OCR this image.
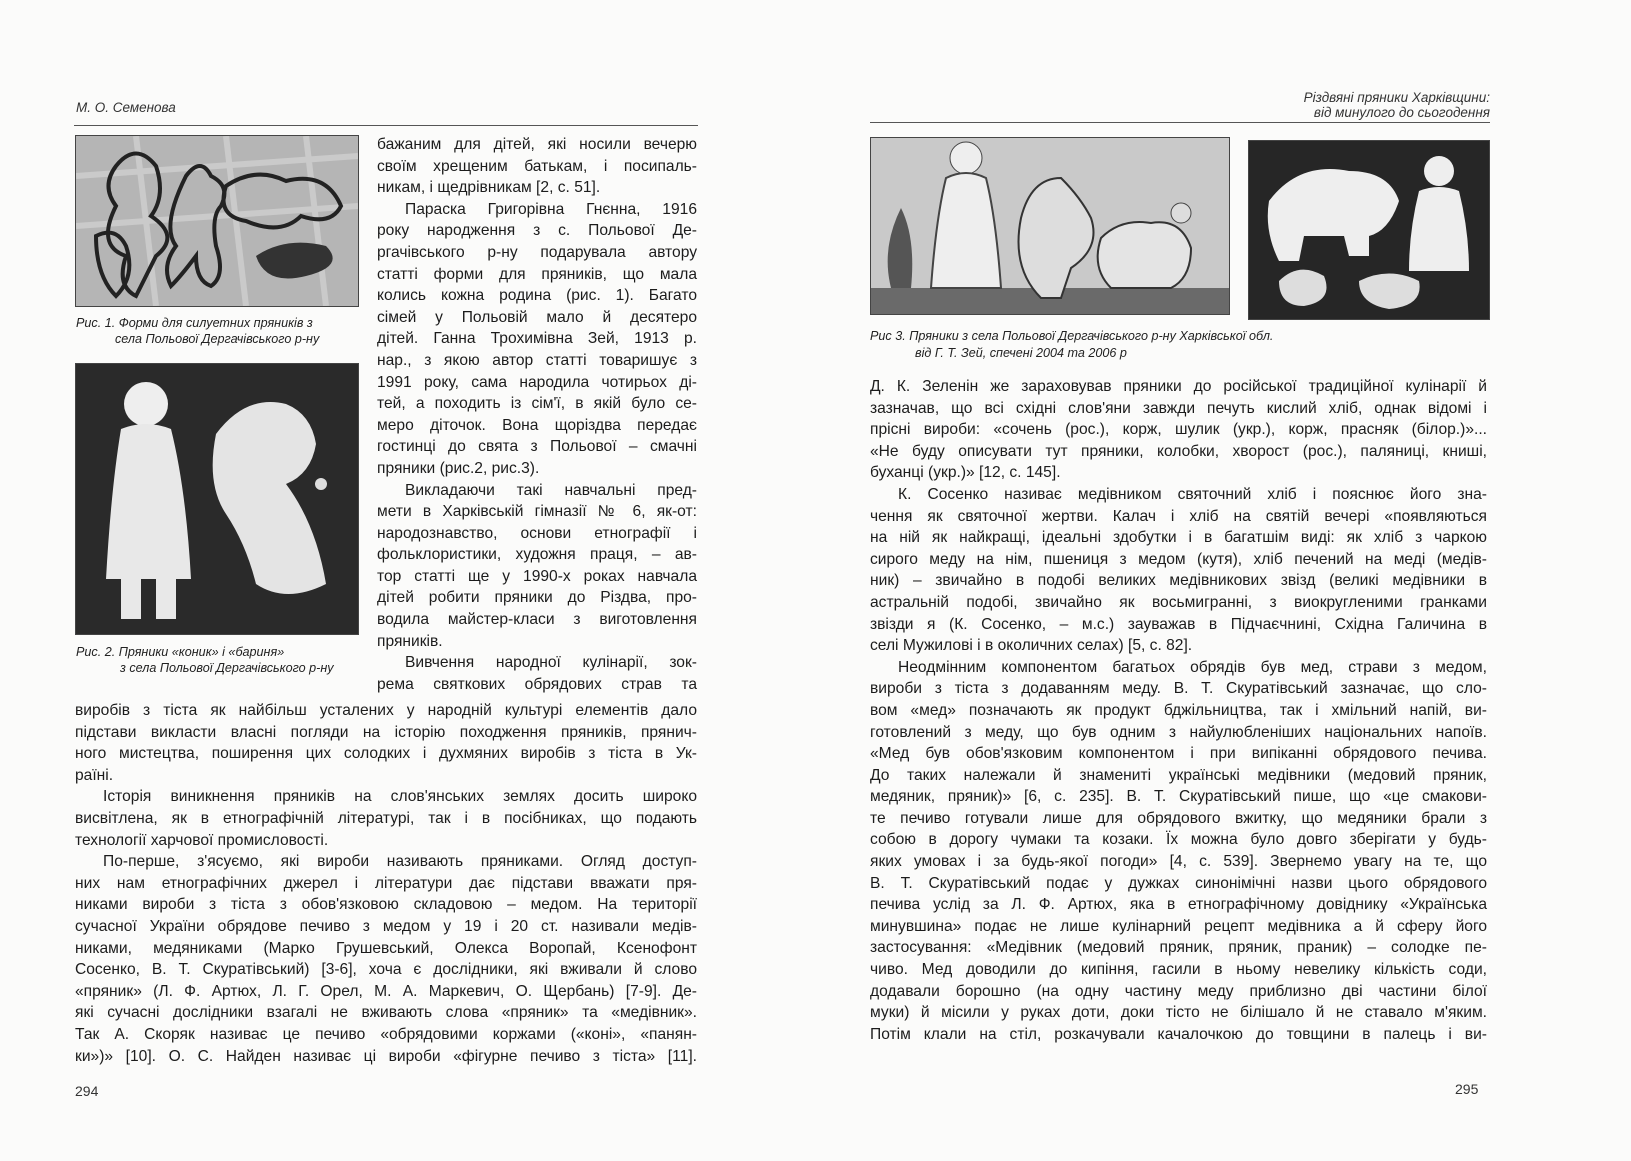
М. О. Семенова
Рис. 1. Форми для силуетних пряників з
села Польової Дергачівського р-ну
Рис. 2. Пряники «коник» і «бариня»
з села Польової Дергачівського р-ну
бажаним для дітей, які носили вечерю
своїм хрещеним батькам, і посипаль-
никам, і щедрівникам [2, с. 51].
Параска Григорівна Гнєнна, 1916
року народження з с. Польової Де-
ргачівського р-ну подарувала автору
статті форми для пряників, що мала
колись кожна родина (рис. 1). Багато
сімей у Польовій мало й десятеро
дітей. Ганна Трохимівна Зей, 1913 р.
нар., з якою автор статті товаришує з
1991 року, сама народила чотирьох ді-
тей, а походить із сім'ї, в якій було се-
меро діточок. Вона щоріздва передає
гостинці до свята з Польової – смачні
пряники (рис.2, рис.3).
Викладаючи такі навчальні пред-
мети в Харківській гімназії № 6, як-от:
народознавство, основи етнографії і
фольклористики, художня праця, – ав-
тор статті ще у 1990-х роках навчала
дітей робити пряники до Різдва, про-
водила майстер-класи з виготовлення
пряників.
Вивчення народної кулінарії, зок-
рема святкових обрядових страв та
виробів з тіста як найбільш усталених у народній культурі елементів дало
підстави викласти власні погляди на історію походження пряників, прянич-
ного мистецтва, поширення цих солодких і духмяних виробів з тіста в Ук-
раїні.
Історія виникнення пряників на слов'янських землях досить широко
висвітлена, як в етнографічній літературі, так і в посібниках, що подають
технології харчової промисловості.
По-перше, з'ясуємо, які вироби називають пряниками. Огляд доступ-
них нам етнографічних джерел і літератури дає підстави вважати пря-
никами вироби з тіста з обов'язковою складовою – медом. На території
сучасної України обрядове печиво з медом у 19 і 20 ст. називали медів-
никами, медяниками (Марко Грушевський, Олекса Воропай, Ксенофонт
Сосенко, В. Т. Скуратівський) [3-6], хоча є дослідники, які вживали й слово
«пряник» (Л. Ф. Артюх, Л. Г. Орел, М. А. Маркевич, О. Щербань) [7-9]. Де-
які сучасні дослідники взагалі не вживають слова «пряник» та «медівник».
Так А. Скоряк називає це печиво «обрядовими коржами («коні», «панян-
ки»)» [10]. О. С. Найден називає ці вироби «фігурне печиво з тіста» [11].
294
Різдвяні пряники Харківщини:
від минулого до сьогодення
Рис 3. Пряники з села Польової Дергачівського р-ну Харківської обл.
від Г. Т. Зей, спечені 2004 та 2006 р
Д. К. Зеленін же зараховував пряники до російської традиційної кулінарії й
зазначав, що всі східні слов'яни завжди печуть кислий хліб, однак відомі і
прісні вироби: «сочень (рос.), корж, шулик (укр.), корж, прасняк (білор.)»...
«Не буду описувати тут пряники, колобки, хворост (рос.), паляниці, книші,
буханці (укр.)» [12, с. 145].
К. Сосенко називає медівником святочний хліб і пояснює його зна-
чення як святочної жертви. Калач і хліб на святій вечері «появляються
на ній як найкращі, ідеальні здобутки і в багатшім виді: як хліб з чаркою
сирого меду на нім, пшениця з медом (кутя), хліб печений на меді (медів-
ник) – звичайно в подобі великих медівникових звізд (великі медівники в
астральній подобі, звичайно як восьмигранні, з виокругленими гранками
звізди я (К. Сосенко, – м.с.) зауважав в Підчаєчнині, Східна Галичина в
селі Мужилові і в околичних селах) [5, с. 82].
Неодмінним компонентом багатьох обрядів був мед, страви з медом,
вироби з тіста з додаванням меду. В. Т. Скуратівський зазначає, що сло-
вом «мед» позначають як продукт бджільництва, так і хмільний напій, ви-
готовлений з меду, що був одним з найулюбленіших національних напоїв.
«Мед був обов'язковим компонентом і при випіканні обрядового печива.
До таких належали й знамениті українські медівники (медовий пряник,
медяник, пряник)» [6, с. 235]. В. Т. Скуратівський пише, що «це смакови-
те печиво готували лише для обрядового вжитку, що медяники брали з
собою в дорогу чумаки та козаки. Їх можна було довго зберігати у будь-
яких умовах і за будь-якої погоди» [4, с. 539]. Звернемо увагу на те, що
В. Т. Скуратівський подає у дужках синонімічні назви цього обрядового
печива услід за Л. Ф. Артюх, яка в етнографічному довіднику «Українська
минувшина» подає не лише кулінарний рецепт медівника а й сферу його
застосування: «Медівник (медовий пряник, пряник, праник) – солодке пе-
чиво. Мед доводили до кипіння, гасили в ньому невелику кількість соди,
додавали борошно (на одну частину меду приблизно дві частини білої
муки) й місили у руках доти, доки тісто не білішало й не ставало м'яким.
Потім клали на стіл, розкачували качалочкою до товщини в палець і ви-
295
